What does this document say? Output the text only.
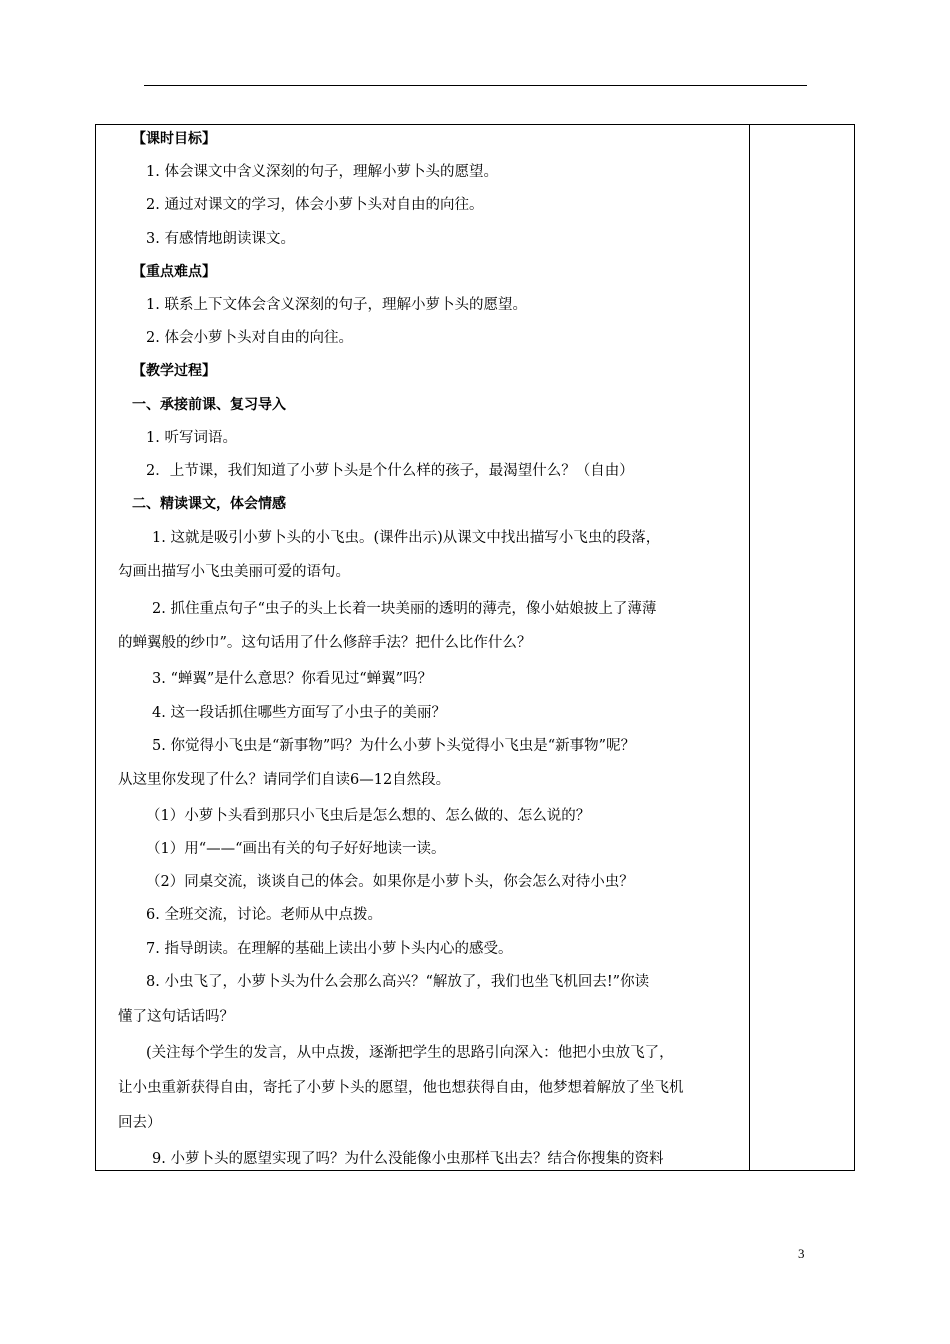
【课时目标】
1. 体会课文中含义深刻的句子，理解小萝卜头的愿望。
2. 通过对课文的学习，体会小萝卜头对自由的向往。
3. 有感情地朗读课文。
【重点难点】
1. 联系上下文体会含义深刻的句子，理解小萝卜头的愿望。
2. 体会小萝卜头对自由的向往。
【教学过程】
一、承接前课、复习导入
1. 听写词语。
2．上节课，我们知道了小萝卜头是个什么样的孩子，最渴望什么？（自由）
二、精读课文，体会情感
1. 这就是吸引小萝卜头的小飞虫。(课件出示)从课文中找出描写小飞虫的段落，
勾画出描写小飞虫美丽可爱的语句。
2. 抓住重点句子“虫子的头上长着一块美丽的透明的薄壳，像小姑娘披上了薄薄
的蝉翼般的纱巾”。这句话用了什么修辞手法？把什么比作什么？
3. “蝉翼”是什么意思？你看见过“蝉翼”吗？
4. 这一段话抓住哪些方面写了小虫子的美丽？
5. 你觉得小飞虫是“新事物”吗？为什么小萝卜头觉得小飞虫是“新事物”呢？
从这里你发现了什么？请同学们自读6—12自然段。
（1）小萝卜头看到那只小飞虫后是怎么想的、怎么做的、怎么说的？
（1）用“——“画出有关的句子好好地读一读。
（2）同桌交流，谈谈自己的体会。如果你是小萝卜头，你会怎么对待小虫？
6. 全班交流，讨论。老师从中点拨。
7. 指导朗读。在理解的基础上读出小萝卜头内心的感受。
8. 小虫飞了，小萝卜头为什么会那么高兴？“解放了，我们也坐飞机回去!”你读
懂了这句话话吗？
(关注每个学生的发言，从中点拨，逐渐把学生的思路引向深入：他把小虫放飞了，
让小虫重新获得自由，寄托了小萝卜头的愿望，他也想获得自由，他梦想着解放了坐飞机
回去）
9. 小萝卜头的愿望实现了吗？为什么没能像小虫那样飞出去？结合你搜集的资料
3
